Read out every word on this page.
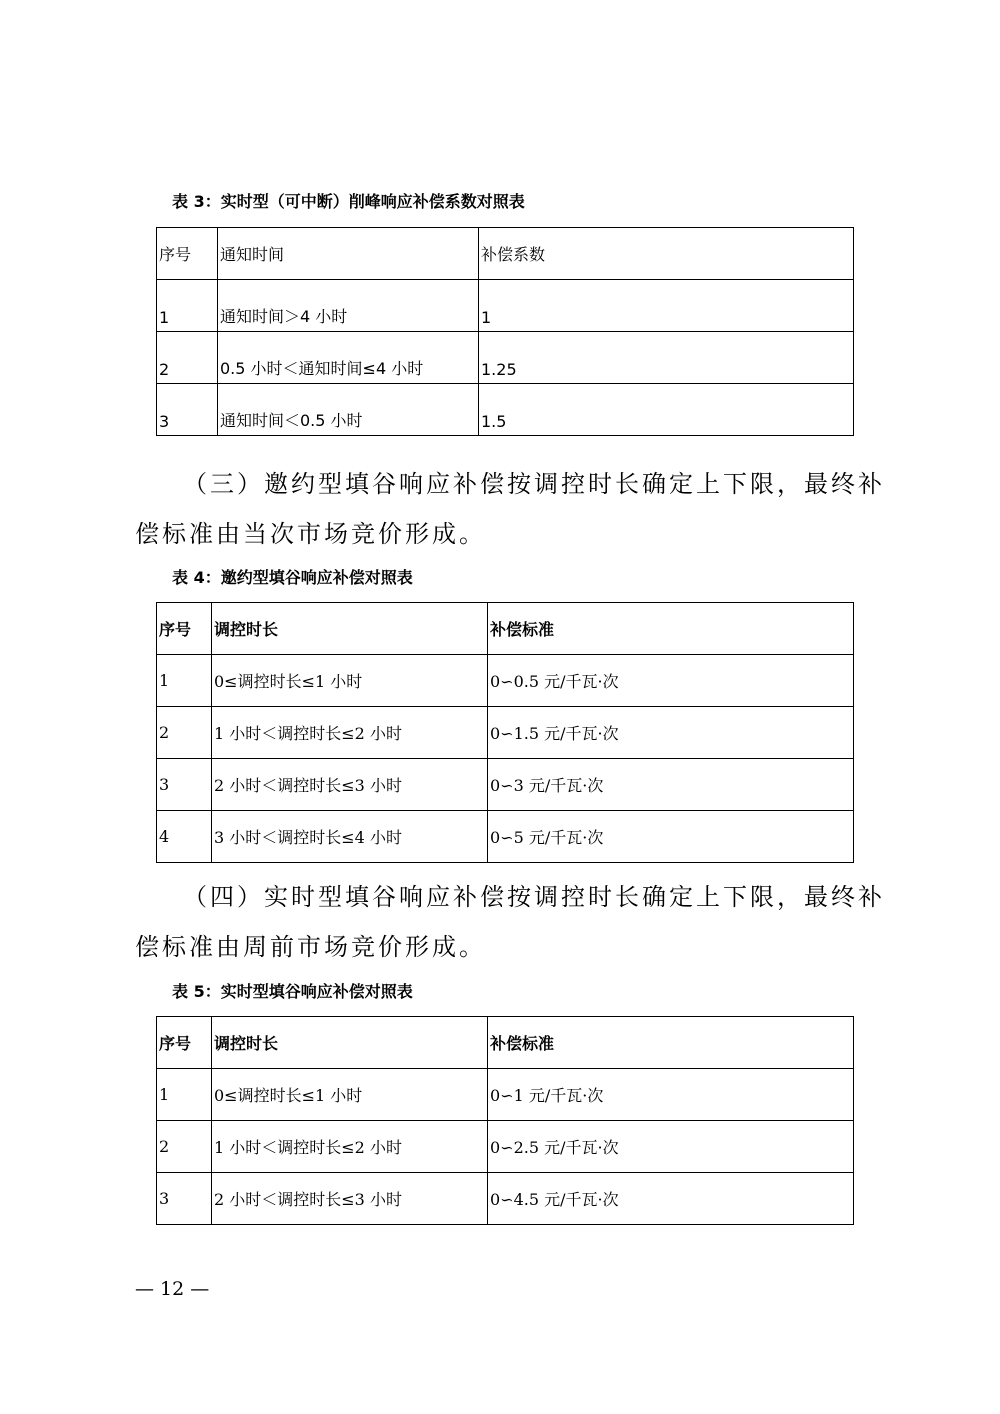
表 3：实时型（可中断）削峰响应补偿系数对照表
序号	通知时间	补偿系数
1	通知时间＞4 小时	1
2	0.5 小时＜通知时间≤4 小时	1.25
3	通知时间＜0.5 小时	1.5

（三）邀约型填谷响应补偿按调控时长确定上下限，最终补

偿标准由当次市场竞价形成。

表 4：邀约型填谷响应补偿对照表
序号	调控时长	补偿标准
1	0≤调控时长≤1 小时	0∽0.5 元/千瓦·次
2	1 小时＜调控时长≤2 小时	0∽1.5 元/千瓦·次
3	2 小时＜调控时长≤3 小时	0∽3 元/千瓦·次
4	3 小时＜调控时长≤4 小时	0∽5 元/千瓦·次

（四）实时型填谷响应补偿按调控时长确定上下限，最终补

偿标准由周前市场竞价形成。

表 5：实时型填谷响应补偿对照表
序号	调控时长	补偿标准
1	0≤调控时长≤1 小时	0∽1 元/千瓦·次
2	1 小时＜调控时长≤2 小时	0∽2.5 元/千瓦·次
3	2 小时＜调控时长≤3 小时	0∽4.5 元/千瓦·次
— 12 —
